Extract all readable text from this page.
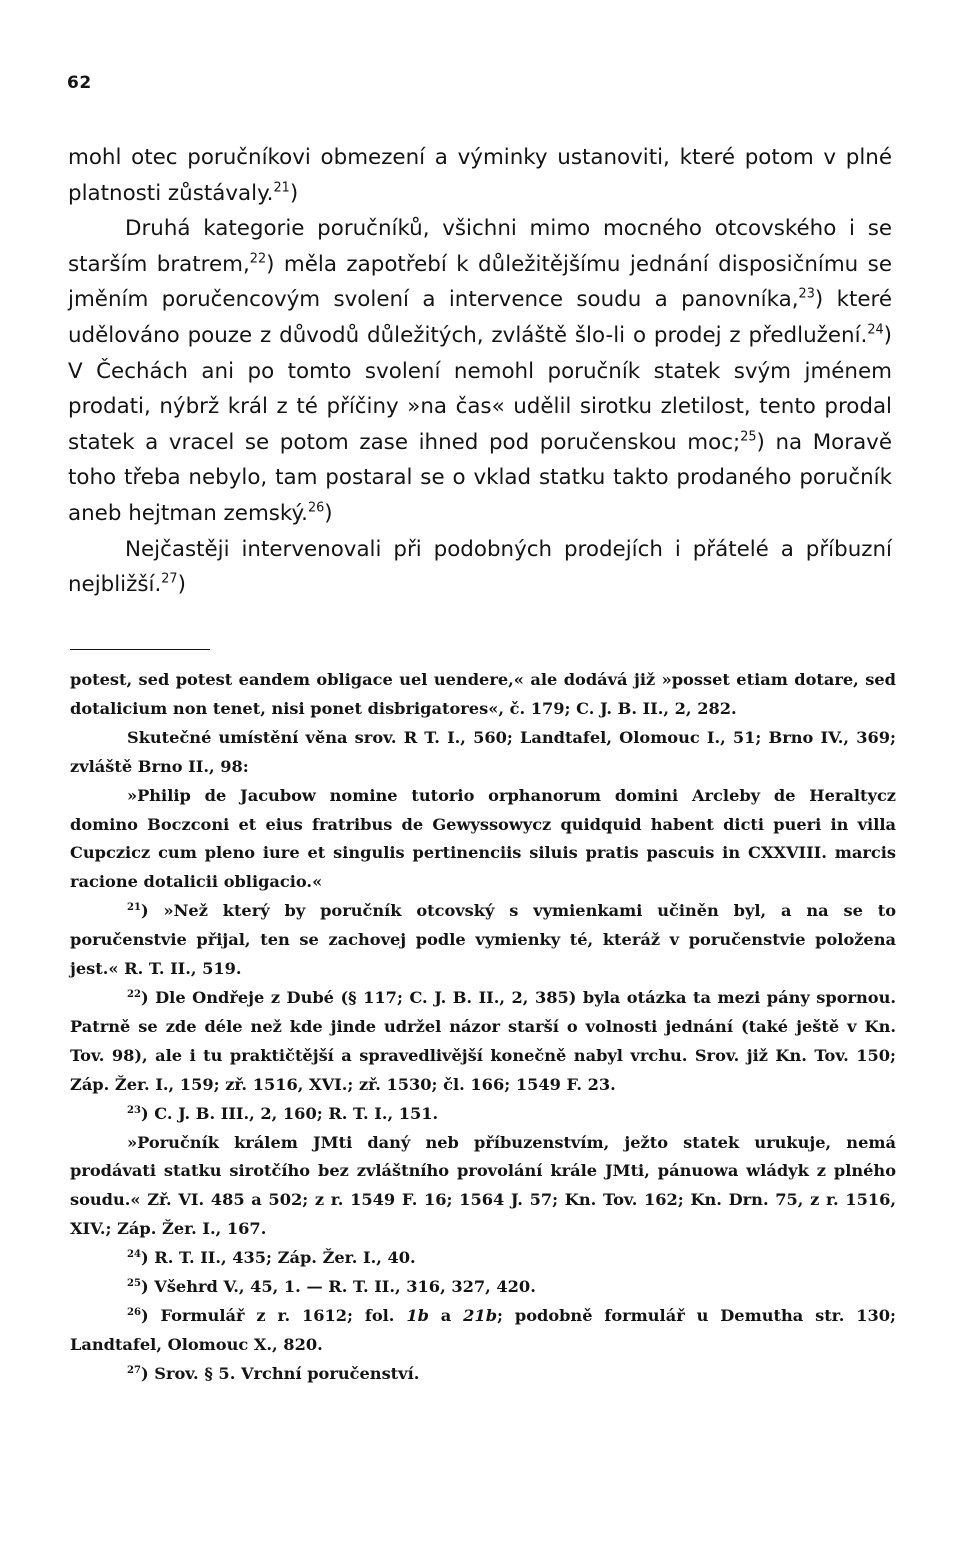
62

mohl otec poručníkovi obmezení a výminky ustanoviti, které potom v plné platnosti zůstávaly.$^{21}$)

Druhá kategorie poručníků, všichni mimo mocného otcovského i se starším bratrem,$^{22}$) měla zapotřebí k důležitějšímu jednání disposičnímu se jměním poručencovým svolení a intervence soudu a panovníka,$^{23}$) které udělováno pouze z důvodů důležitých, zvláště šlo-li o prodej z předlužení.$^{24}$) V Čechách ani po tomto svolení nemohl poručník statek svým jménem prodati, nýbrž král z té příčiny »na čas« udělil sirotku zletilost, tento prodal statek a vracel se potom zase ihned pod poručenskou moc;$^{25}$) na Moravě toho třeba nebylo, tam postaral se o vklad statku takto prodaného poručník aneb hejtman zemský.$^{26}$)

Nejčastěji intervenovali při podobných prodejích i přátelé a příbuzní nejbližší.$^{27}$)

potest, sed potest eandem obligace uel uendere,« ale dodává již »posset etiam dotare, sed dotalicium non tenet, nisi ponet disbrigatores«, č. 179; C. J. B. II., 2, 282.

Skutečné umístění věna srov. R T. I., 560; Landtafel, Olomouc I., 51; Brno IV., 369; zvláště Brno II., 98:

»Philip de Jacubow nomine tutorio orphanorum domini Arcleby de Heraltycz domino Boczconi et eius fratribus de Gewyssowycz quidquid habent dicti pueri in villa Cupczicz cum pleno iure et singulis pertinenciis siluis pratis pascuis in CXXVIII. marcis racione dotalicii obligacio.«

$^{21}$) »Než který by poručník otcovský s vymienkami učiněn byl, a na se to poručenstvie přijal, ten se zachovej podle vymienky té, kteráž v poručenstvie položena jest.« R. T. II., 519.

$^{22}$) Dle Ondřeje z Dubé (§ 117; C. J. B. II., 2, 385) byla otázka ta mezi pány spornou. Patrně se zde déle než kde jinde udržel názor starší o volnosti jednání (také ještě v Kn. Tov. 98), ale i tu praktičtější a spravedlivější konečně nabyl vrchu. Srov. již Kn. Tov. 150; Záp. Žer. I., 159; zř. 1516, XVI.; zř. 1530; čl. 166; 1549 F. 23.

$^{23}$) C. J. B. III., 2, 160; R. T. I., 151.

»Poručník králem JMti daný neb příbuzenstvím, ježto statek urukuje, nemá prodávati statku sirotčího bez zvláštního provolání krále JMti, pánuowa wládyk z plného soudu.« Zř. VI. 485 a 502; z r. 1549 F. 16; 1564 J. 57; Kn. Tov. 162; Kn. Drn. 75, z r. 1516, XIV.; Záp. Žer. I., 167.

$^{24}$) R. T. II., 435; Záp. Žer. I., 40.

$^{25}$) Všehrd V., 45, 1. — R. T. II., 316, 327, 420.

$^{26}$) Formulář z r. 1612; fol. 1b a 21b; podobně formulář u Demutha str. 130; Landtafel, Olomouc X., 820.

$^{27}$) Srov. § 5. Vrchní poručenství.
